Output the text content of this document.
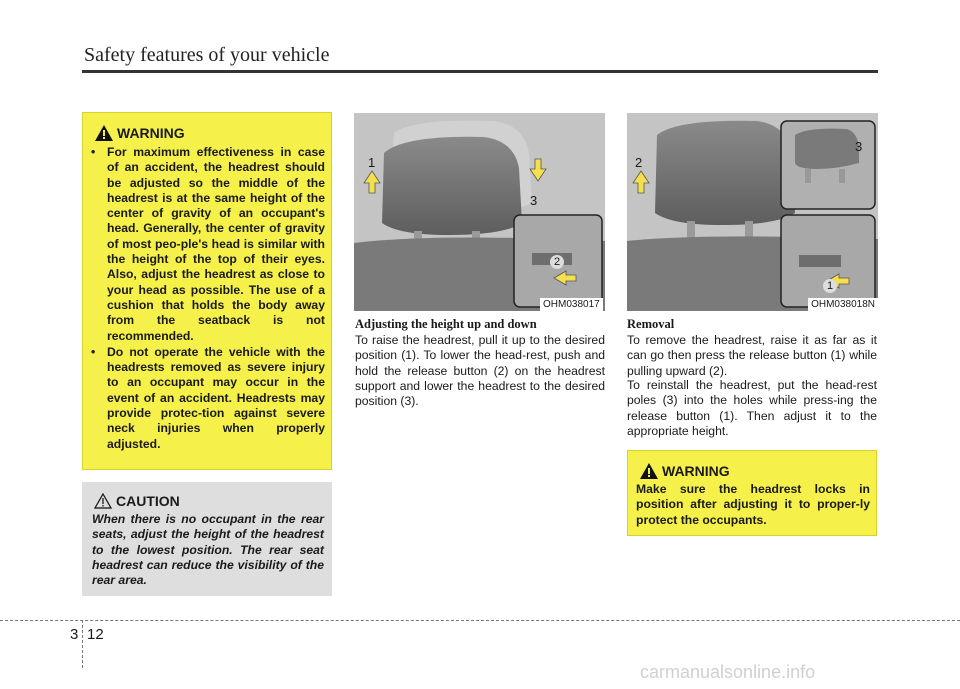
Safety features of your vehicle
WARNING
• For maximum effectiveness in case of an accident, the headrest should be adjusted so the middle of the headrest is at the same height of the center of gravity of an occupant's head. Generally, the center of gravity of most peo-ple's head is similar with the height of the top of their eyes. Also, adjust the headrest as close to your head as possible. The use of a cushion that holds the body away from the seatback is not recommended.
• Do not operate the vehicle with the headrests removed as severe injury to an occupant may occur in the event of an accident. Headrests may provide protec-tion against severe neck injuries when properly adjusted.
CAUTION

When there is no occupant in the rear seats, adjust the height of the headrest to the lowest position. The rear seat headrest can reduce the visibility of the rear area.

1
3
2
OHM038017
2
3
1
OHM038018N
Adjusting the height up and down

To raise the headrest, pull it up to the desired position (1). To lower the head-rest, push and hold the release button (2) on the headrest support and lower the headrest to the desired position (3).

Removal

To remove the headrest, raise it as far as it can go then press the release button (1) while pulling upward (2).

To reinstall the headrest, put the head-rest poles (3) into the holes while press-ing the release button (1). Then adjust it to the appropriate height.

WARNING

Make sure the headrest locks in position after adjusting it to proper-ly protect the occupants.

3 12
carmanualsonline.info
